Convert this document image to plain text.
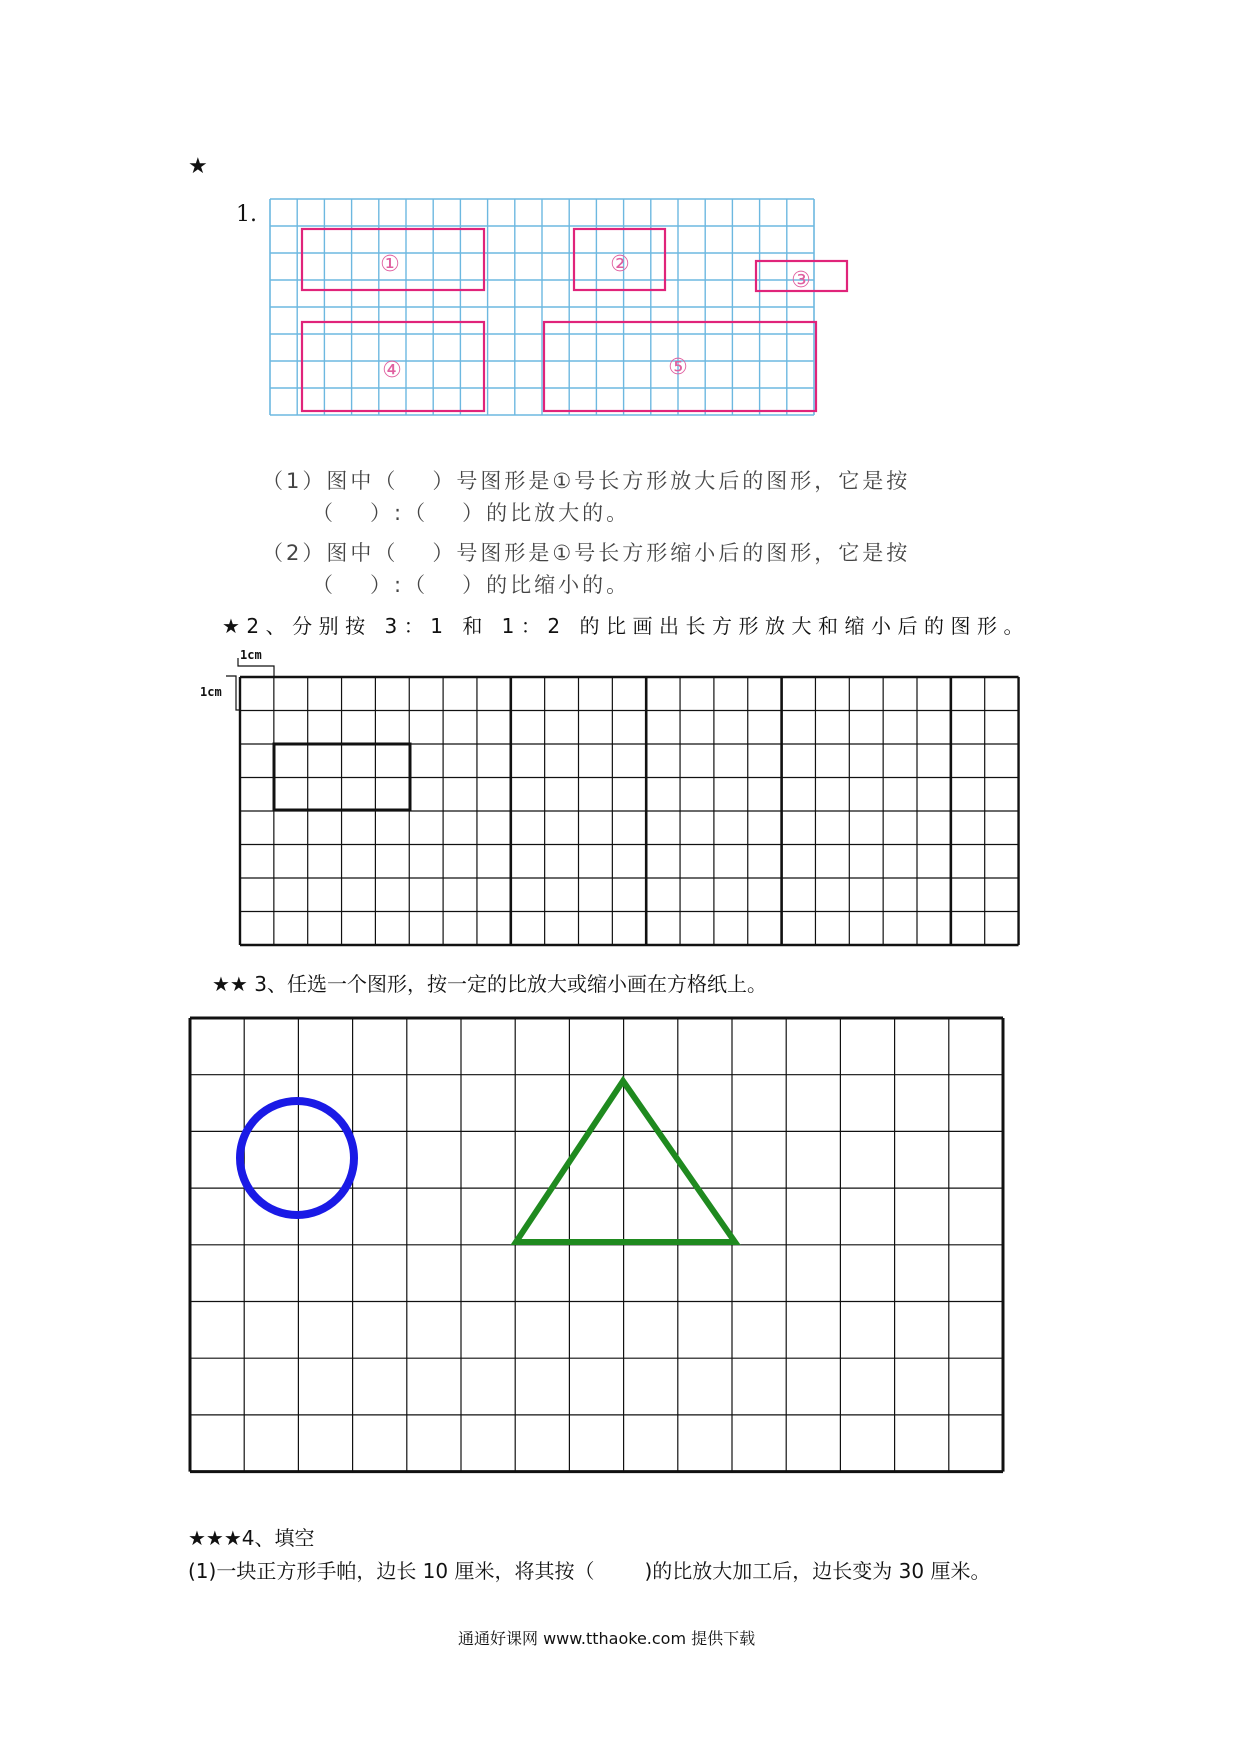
★
1.
①	②
③
④	⑤
（1）图中（ ）号图形是①号长方形放大后的图形，它是按
（ ）:（ ）的比放大的。
（2）图中（ ）号图形是①号长方形缩小后的图形，它是按
（ ）:（ ）的比缩小的。
★2、分别按 3：1 和 1：2 的比画出长方形放大和缩小后的图形。
1cm
1cm
★★ 3、任选一个图形，按一定的比放大或缩小画在方格纸上。
★★★4、填空
(1)一块正方形手帕，边长 10 厘米，将其按（	)的比放大加工后，边长变为 30 厘米。
通通好课网 www.tthaoke.com 提供下载
